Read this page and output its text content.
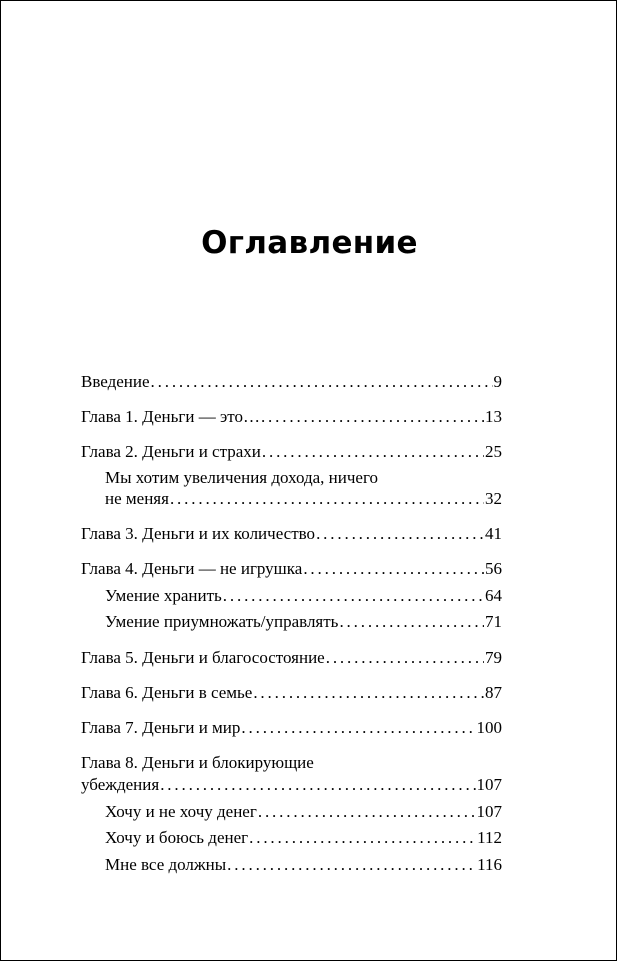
Оглавление
Введение . . .	9
Глава 1. Деньги — это… . . .	13
Глава 2. Деньги и страхи . . .	25
Мы хотим увеличения дохода, ничего
не меняя . . .	32
Глава 3. Деньги и их количество . . .	41
Глава 4. Деньги — не игрушка . . .	56
Умение хранить . . .	64
Умение приумножать/управлять . . .	71
Глава 5. Деньги и благосостояние . . .	79
Глава 6. Деньги в семье . . .	87
Глава 7. Деньги и мир . . .	100
Глава 8. Деньги и блокирующие
убеждения . . .	107
Хочу и не хочу денег . . .	107
Хочу и боюсь денег . . .	112
Мне все должны . . .	116
